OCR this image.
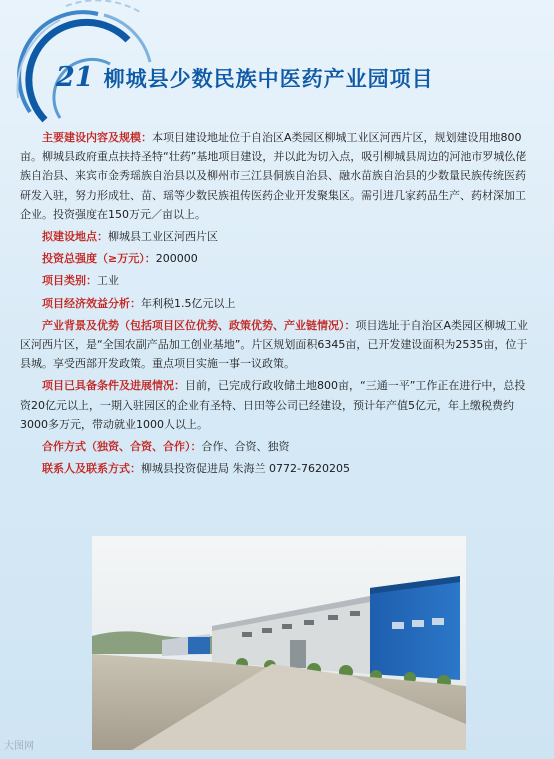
21 柳城县少数民族中医药产业园项目

主要建设内容及规模：本项目建设地址位于自治区A类园区柳城工业区河西片区，规划建设用地800亩。柳城县政府重点扶持圣特“壮药”基地项目建设，并以此为切入点，吸引柳城县周边的河池市罗城仫佬族自治县、来宾市金秀瑶族自治县以及柳州市三江县侗族自治县、融水苗族自治县的少数量民族传统医药研发入驻，努力形成壮、苗、瑶等少数民族祖传医药企业开发聚集区。需引进几家药品生产、药材深加工企业。投资强度在150万元／亩以上。

拟建设地点：柳城县工业区河西片区

投资总强度（≥万元）：200000

项目类别：工业

项目经济效益分析：年利税1.5亿元以上

产业背景及优势（包括项目区位优势、政策优势、产业链情况）：项目选址于自治区A类园区柳城工业区河西片区，是“全国农副产品加工创业基地”。片区规划面积6345亩，已开发建设面积为2535亩，位于县城。享受西部开发政策。重点项目实施一事一议政策。

项目已具备条件及进展情况：目前，已完成行政收储土地800亩，“三通一平”工作正在进行中，总投资20亿元以上，一期入驻园区的企业有圣特、日田等公司已经建设，预计年产值5亿元，年上缴税费约3000多万元，带动就业1000人以上。

合作方式（独资、合资、合作）：合作、合资、独资

联系人及联系方式：柳城县投资促进局 朱海兰 0772-7620205

大图网
